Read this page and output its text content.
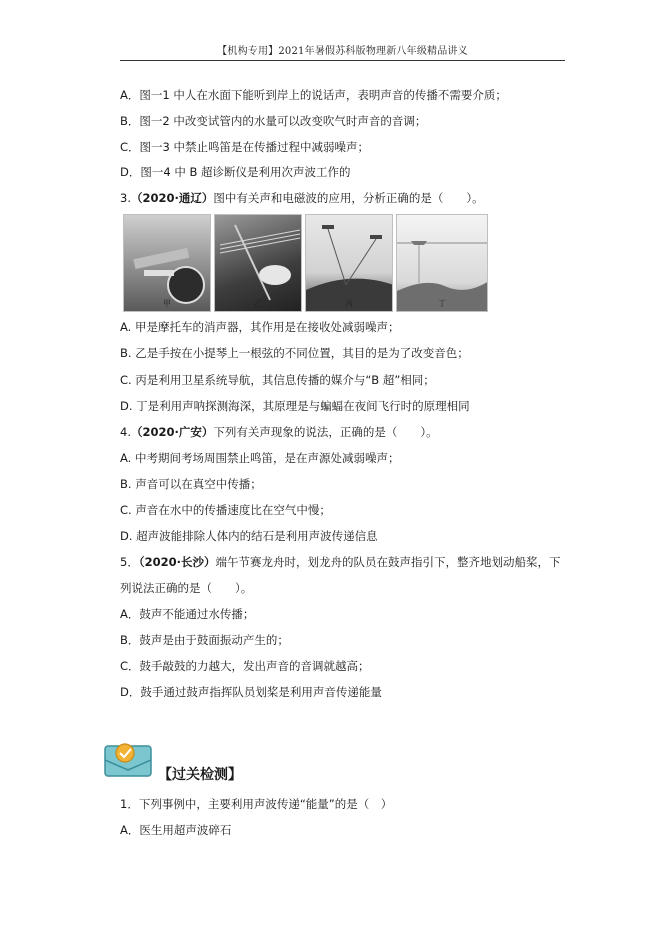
【机构专用】2021年暑假苏科版物理新八年级精品讲义
A．图一1 中人在水面下能听到岸上的说话声，表明声音的传播不需要介质；
B．图一2 中改变试管内的水量可以改变吹气时声音的音调；
C．图一3 中禁止鸣笛是在传播过程中减弱噪声；
D．图一4 中 B 超诊断仪是利用次声波工作的
3.（2020·通辽）图中有关声和电磁波的应用，分析正确的是（　　）。
甲	乙	丙	丁
A. 甲是摩托车的消声器，其作用是在接收处减弱噪声；
B. 乙是手按在小提琴上一根弦的不同位置，其目的是为了改变音色；
C. 丙是利用卫星系统导航，其信息传播的媒介与“B 超”相同；
D. 丁是利用声呐探测海深，其原理是与蝙蝠在夜间飞行时的原理相同
4.（2020·广安）下列有关声现象的说法，正确的是（　　）。
A. 中考期间考场周围禁止鸣笛，是在声源处减弱噪声；
B. 声音可以在真空中传播；
C. 声音在水中的传播速度比在空气中慢；
D. 超声波能排除人体内的结石是利用声波传递信息
5．（2020·长沙）端午节赛龙舟时，划龙舟的队员在鼓声指引下，整齐地划动船桨，下
列说法正确的是（　　）。
A．鼓声不能通过水传播；
B．鼓声是由于鼓面振动产生的；
C．鼓手敲鼓的力越大，发出声音的音调就越高；
D．鼓手通过鼓声指挥队员划桨是利用声音传递能量
【过关检测】
1．下列事例中，主要利用声波传递“能量”的是（　）
A．医生用超声波碎石
